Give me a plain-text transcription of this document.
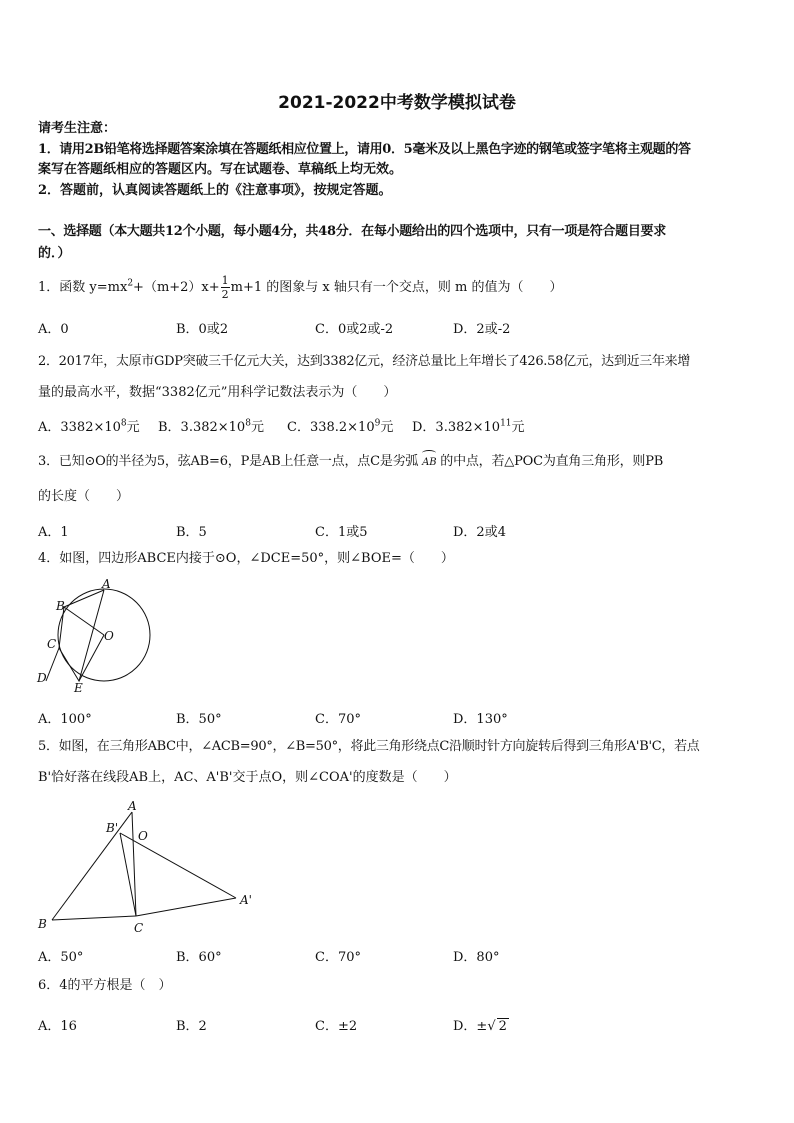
2021-2022中考数学模拟试卷
请考生注意：
1．请用2B铅笔将选择题答案涂填在答题纸相应位置上，请用0．5毫米及以上黑色字迹的钢笔或签字笔将主观题的答
案写在答题纸相应的答题区内。写在试题卷、草稿纸上均无效。
2．答题前，认真阅读答题纸上的《注意事项》，按规定答题。
一、选择题（本大题共12个小题，每小题4分，共48分．在每小题给出的四个选项中，只有一项是符合题目要求
的．）
1．函数 $y=mx^2+(m+2)x+ \frac{1}{2} m+1$ 的图象与 x 轴只有一个交点，则 m 的值为（　　）
A．0	B．0或2	C．0或2或-2	D．2或-2
2．2017年，太原市GDP突破三千亿元大关，达到3382亿元，经济总量比上年增长了426.58亿元，达到近三年来增
量的最高水平，数据“3382亿元”用科学记数法表示为（　　）
A．$3382\times 10^8$元 B．$3.382\times 10^8$元 C．$338.2\times 10^9$元 D．$3.382\times 10^{11}$元
3．已知⊙O的半径为5，弦AB=6，P是AB上任意一点，点C是劣弧 AB 的中点，若△POC为直角三角形，则PB
的长度（　　）
A．1	B．5	C．1或5	D．2或4
4．如图，四边形ABCE内接于⊙O，∠DCE=50°，则∠BOE=（　　）
A
B
C
D
E
O
A．100°	B．50°	C．70°	D．130°
5．如图，在三角形ABC中，∠ACB=90°，∠B=50°，将此三角形绕点C沿顺时针方向旋转后得到三角形A'B'C，若点
B'恰好落在线段AB上，AC、A'B'交于点O，则∠COA'的度数是（　　）
A
B'
O
A'
B	C
A．50°	B．60°	C．70°	D．80°
6．4的平方根是（　）
A．16	B．2	C．±2	D．±√ 2
